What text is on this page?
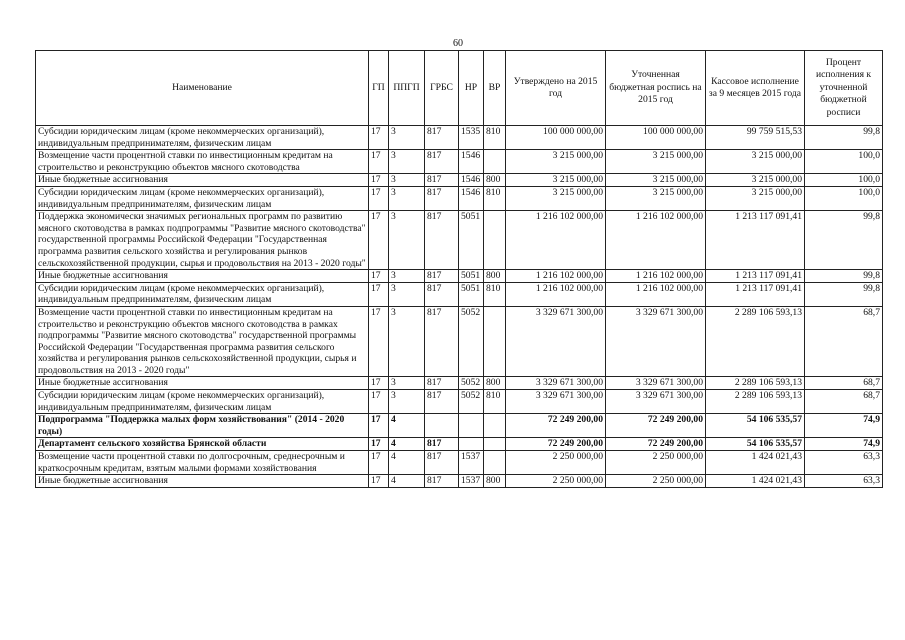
60
Наименование	ГП	ППГП	ГРБС	НР	ВР	Утверждено на 2015 год	Уточненная бюджетная роспись на 2015 год	Кассовое исполнение за 9 месяцев 2015 года	Процент исполнения к уточненной бюджетной росписи
Субсидии юридическим лицам (кроме некоммерческих организаций), индивидуальным предпринимателям, физическим лицам	17	3	817	1535	810	100 000 000,00	100 000 000,00	99 759 515,53	99,8
Возмещение части процентной ставки по инвестиционным кредитам на строительство и реконструкцию объектов мясного скотоводства	17	3	817	1546		3 215 000,00	3 215 000,00	3 215 000,00	100,0
Иные бюджетные ассигнования	17	3	817	1546	800	3 215 000,00	3 215 000,00	3 215 000,00	100,0
Субсидии юридическим лицам (кроме некоммерческих организаций), индивидуальным предпринимателям, физическим лицам	17	3	817	1546	810	3 215 000,00	3 215 000,00	3 215 000,00	100,0
Поддержка экономически значимых региональных программ по развитию мясного скотоводства в рамках подпрограммы "Развитие мясного скотоводства" государственной программы Российской Федерации "Государственная программа развития сельского хозяйства и регулирования рынков сельскохозяйственной продукции, сырья и продовольствия на 2013 - 2020 годы"	17	3	817	5051		1 216 102 000,00	1 216 102 000,00	1 213 117 091,41	99,8
Иные бюджетные ассигнования	17	3	817	5051	800	1 216 102 000,00	1 216 102 000,00	1 213 117 091,41	99,8
Субсидии юридическим лицам (кроме некоммерческих организаций), индивидуальным предпринимателям, физическим лицам	17	3	817	5051	810	1 216 102 000,00	1 216 102 000,00	1 213 117 091,41	99,8
Возмещение части процентной ставки по инвестиционным кредитам на строительство и реконструкцию объектов мясного скотоводства в рамках подпрограммы "Развитие мясного скотоводства" государственной программы Российской Федерации "Государственная программа развития сельского хозяйства и регулирования рынков сельскохозяйственной продукции, сырья и продовольствия на 2013 - 2020 годы"	17	3	817	5052		3 329 671 300,00	3 329 671 300,00	2 289 106 593,13	68,7
Иные бюджетные ассигнования	17	3	817	5052	800	3 329 671 300,00	3 329 671 300,00	2 289 106 593,13	68,7
Субсидии юридическим лицам (кроме некоммерческих организаций), индивидуальным предпринимателям, физическим лицам	17	3	817	5052	810	3 329 671 300,00	3 329 671 300,00	2 289 106 593,13	68,7
Подпрограмма "Поддержка малых форм хозяйствования" (2014 - 2020 годы)	17	4				72 249 200,00	72 249 200,00	54 106 535,57	74,9
Департамент сельского хозяйства Брянской области	17	4	817			72 249 200,00	72 249 200,00	54 106 535,57	74,9
Возмещение части процентной ставки по долгосрочным, среднесрочным и краткосрочным кредитам, взятым малыми формами хозяйствования	17	4	817	1537		2 250 000,00	2 250 000,00	1 424 021,43	63,3
Иные бюджетные ассигнования	17	4	817	1537	800	2 250 000,00	2 250 000,00	1 424 021,43	63,3
